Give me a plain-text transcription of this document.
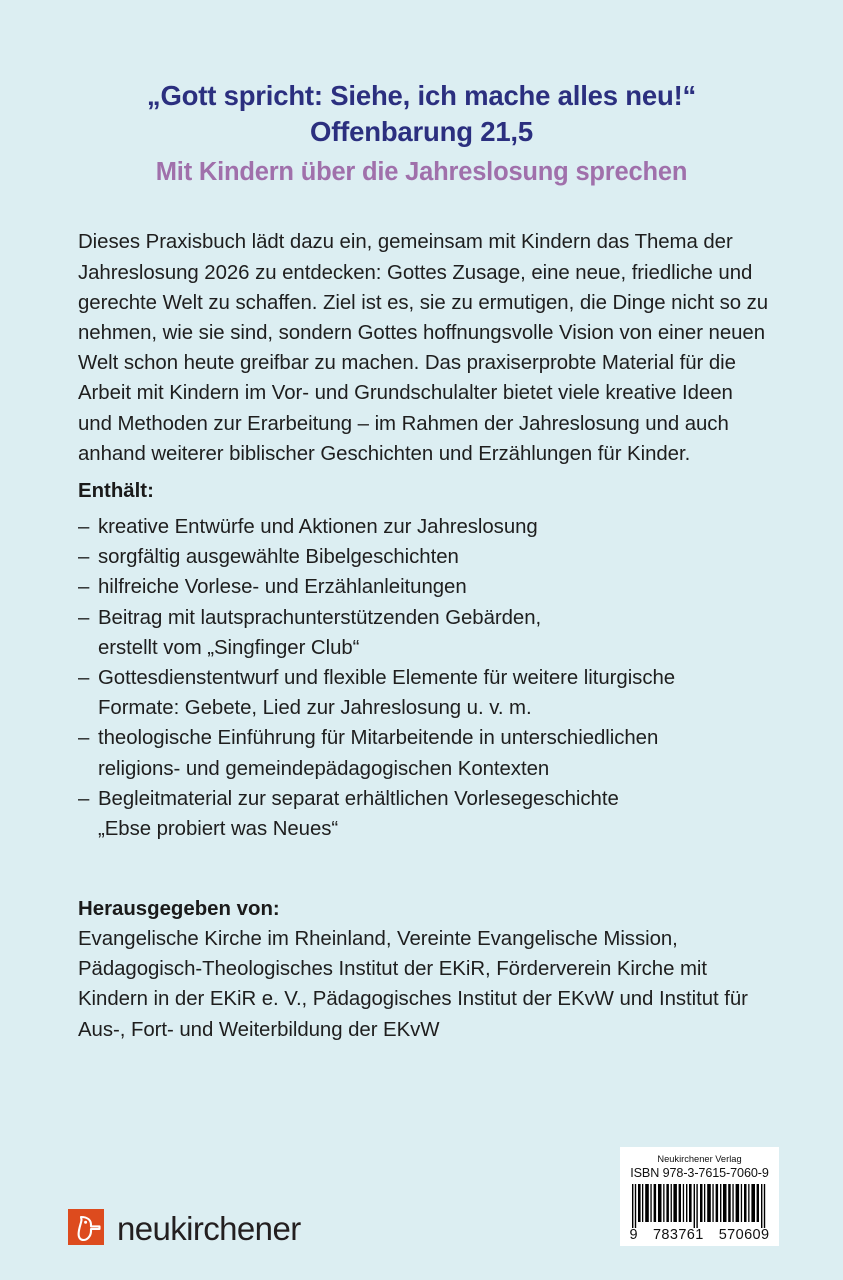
„Gott spricht: Siehe, ich mache alles neu!“
Offenbarung 21,5
Mit Kindern über die Jahreslosung sprechen

Dieses Praxisbuch lädt dazu ein, gemeinsam mit Kindern das Thema der Jahreslosung 2026 zu entdecken: Gottes Zusage, eine neue, friedliche und gerechte Welt zu schaffen. Ziel ist es, sie zu ermutigen, die Dinge nicht so zu nehmen, wie sie sind, sondern Gottes hoffnungsvolle Vision von einer neuen Welt schon heute greifbar zu machen. Das praxiserprobte Material für die Arbeit mit Kindern im Vor- und Grundschulalter bietet viele kreative Ideen und Methoden zur Erarbeitung – im Rahmen der Jahreslosung und auch anhand weiterer biblischer Geschichten und Erzählungen für Kinder.

Enthält:
– kreative Entwürfe und Aktionen zur Jahreslosung
– sorgfältig ausgewählte Bibelgeschichten
– hilfreiche Vorlese- und Erzählanleitungen
– Beitrag mit lautsprachunterstützenden Gebärden,
erstellt vom „Singfinger Club“
– Gottesdienstentwurf und flexible Elemente für weitere liturgische
Formate: Gebete, Lied zur Jahreslosung u. v. m.
– theologische Einführung für Mitarbeitende in unterschiedlichen
religions- und gemeindepädagogischen Kontexten
– Begleitmaterial zur separat erhältlichen Vorlesegeschichte
„Ebse probiert was Neues“
Herausgegeben von:
Evangelische Kirche im Rheinland, Vereinte Evangelische Mission, Pädagogisch-Theologisches Institut der EKiR, Förderverein Kirche mit Kindern in der EKiR e. V., Pädagogisches Institut der EKvW und Institut für Aus-, Fort- und Weiterbildung der EKvW
Neukirchener Verlag
ISBN 978-3-7615-7060-9
9 783761 570609
neukirchener
